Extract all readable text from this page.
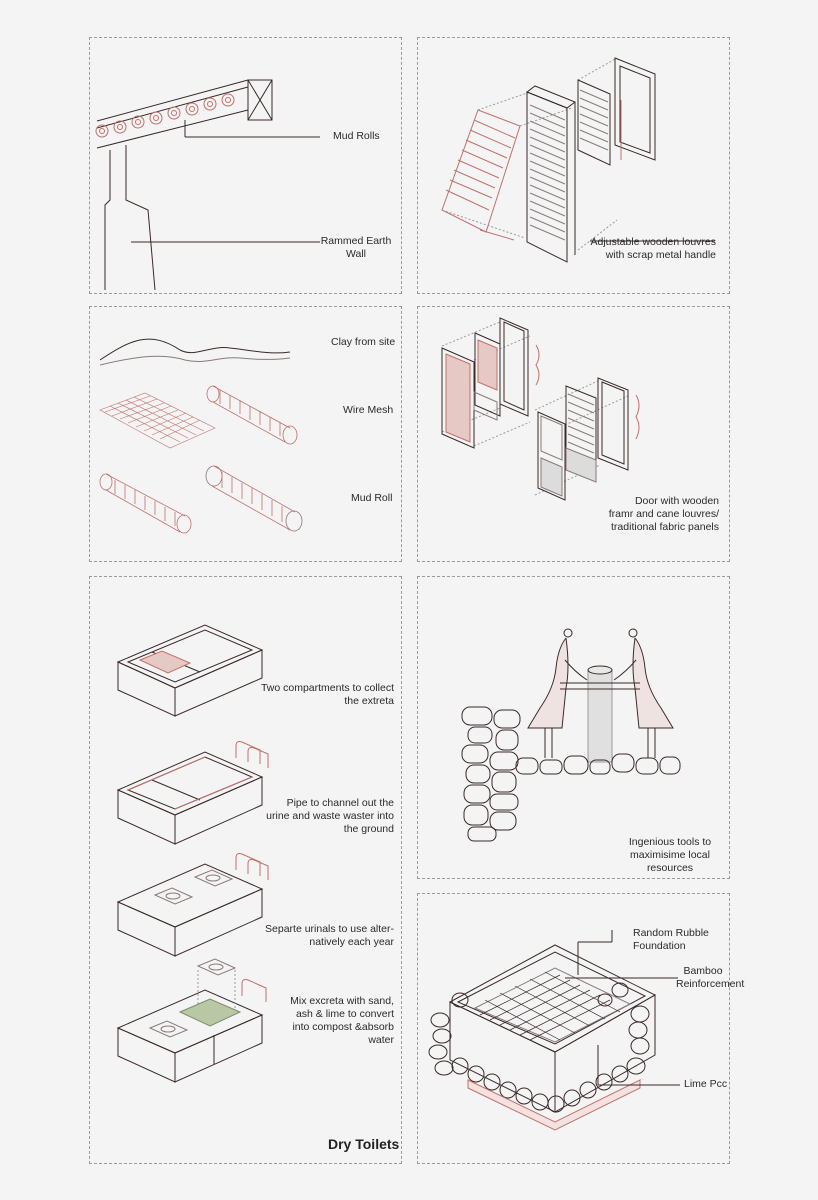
Mud Rolls
Rammed Earth
Wall
Adjustable wooden louvres
with scrap metal handle
Clay from site
Wire Mesh
Mud Roll	Door with wooden
framr and cane louvres/
traditional fabric panels
Two compartments to collect
the extreta
Pipe to channel out the
urine and waste waster into
the ground
Separte urinals to use alter-
natively each year
Mix excreta with sand,
ash & lime to convert
into compost &absorb
water
Dry Toilets
Ingenious tools to
maximisime local resources
Random Rubble
Foundation
Bamboo
Reinforcement
Lime Pcc
